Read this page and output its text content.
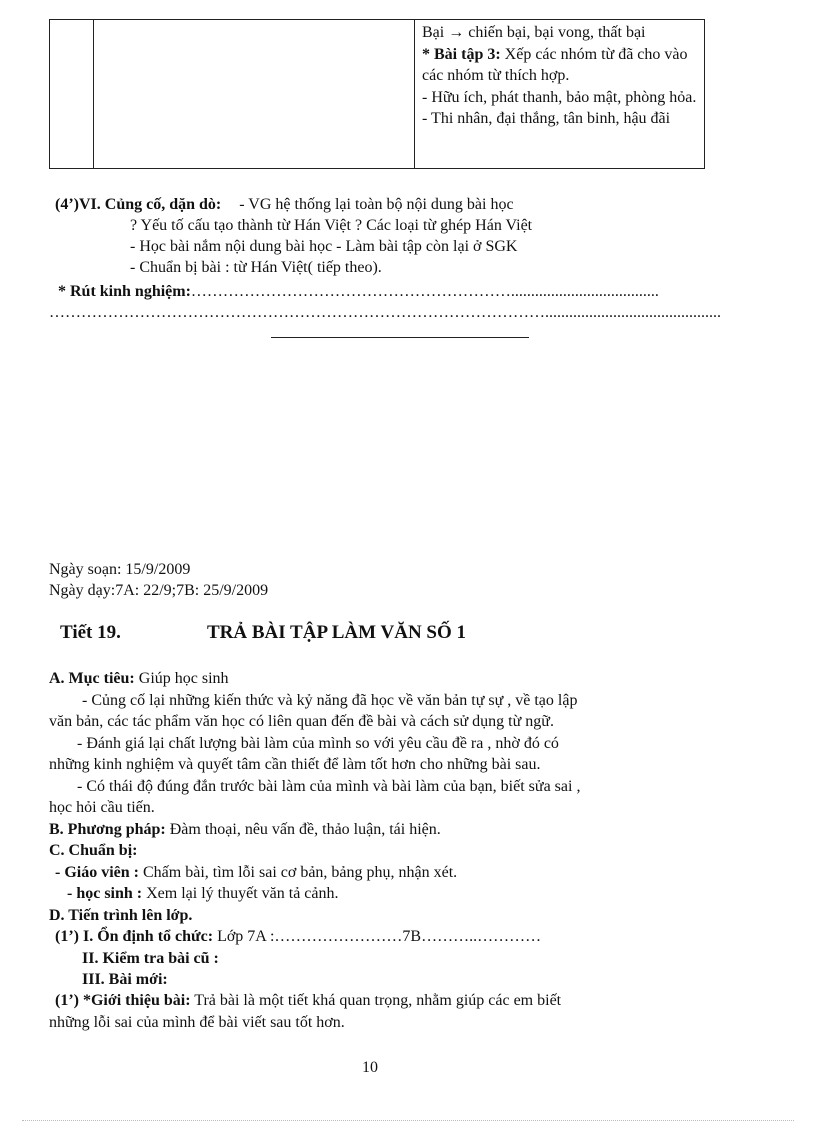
Bại → chiến bại, bại vong, thất bại
* Bài tập 3: Xếp các nhóm từ đã cho vào các nhóm từ thích hợp.
- Hữu ích, phát thanh, bảo mật, phòng hỏa.
- Thi nhân, đại thắng, tân binh, hậu đãi
(4’)VI. Củng cố, dặn dò: - VG hệ thống lại toàn bộ nội dung bài học
? Yếu tố cấu tạo thành từ Hán Việt ? Các loại từ ghép Hán Việt
- Học bài nắm nội dung bài học - Làm bài tập còn lại ở SGK
- Chuẩn bị bài : từ Hán Việt( tiếp theo).
* Rút kinh nghiệm:…………………………………………………….....................................
…………………………………………………………………………………............................................
Ngày soạn: 15/9/2009
Ngày dạy:7A: 22/9;7B: 25/9/2009
Tiết 19.	TRẢ BÀI TẬP LÀM VĂN SỐ 1
A. Mục tiêu: Giúp học sinh
- Củng cố lại những kiến thức và kỷ năng đã học về văn bản tự sự , về tạo lập
văn bản, các tác phẩm văn học có liên quan đến đề bài và cách sử dụng từ ngữ.
- Đánh giá lại chất lượng bài làm của mình so với yêu cầu đề ra , nhờ đó có
những kinh nghiệm và quyết tâm cần thiết để làm tốt hơn cho những bài sau.
- Có thái độ đúng đắn trước bài làm của mình và bài làm của bạn, biết sửa sai ,
học hỏi cầu tiến.
B. Phương pháp: Đàm thoại, nêu vấn đề, thảo luận, tái hiện.
C. Chuẩn bị:
- Giáo viên : Chấm bài, tìm lỗi sai cơ bản, bảng phụ, nhận xét.
- học sinh : Xem lại lý thuyết văn tả cảnh.
D. Tiến trình lên lớp.
(1’) I. Ổn định tổ chức: Lớp 7A :……………………7B………..…………
II. Kiểm tra bài cũ :
III. Bài mới:
(1’) *Giới thiệu bài: Trả bài là một tiết khá quan trọng, nhằm giúp các em biết
những lỗi sai của mình để bài viết sau tốt hơn.
10
